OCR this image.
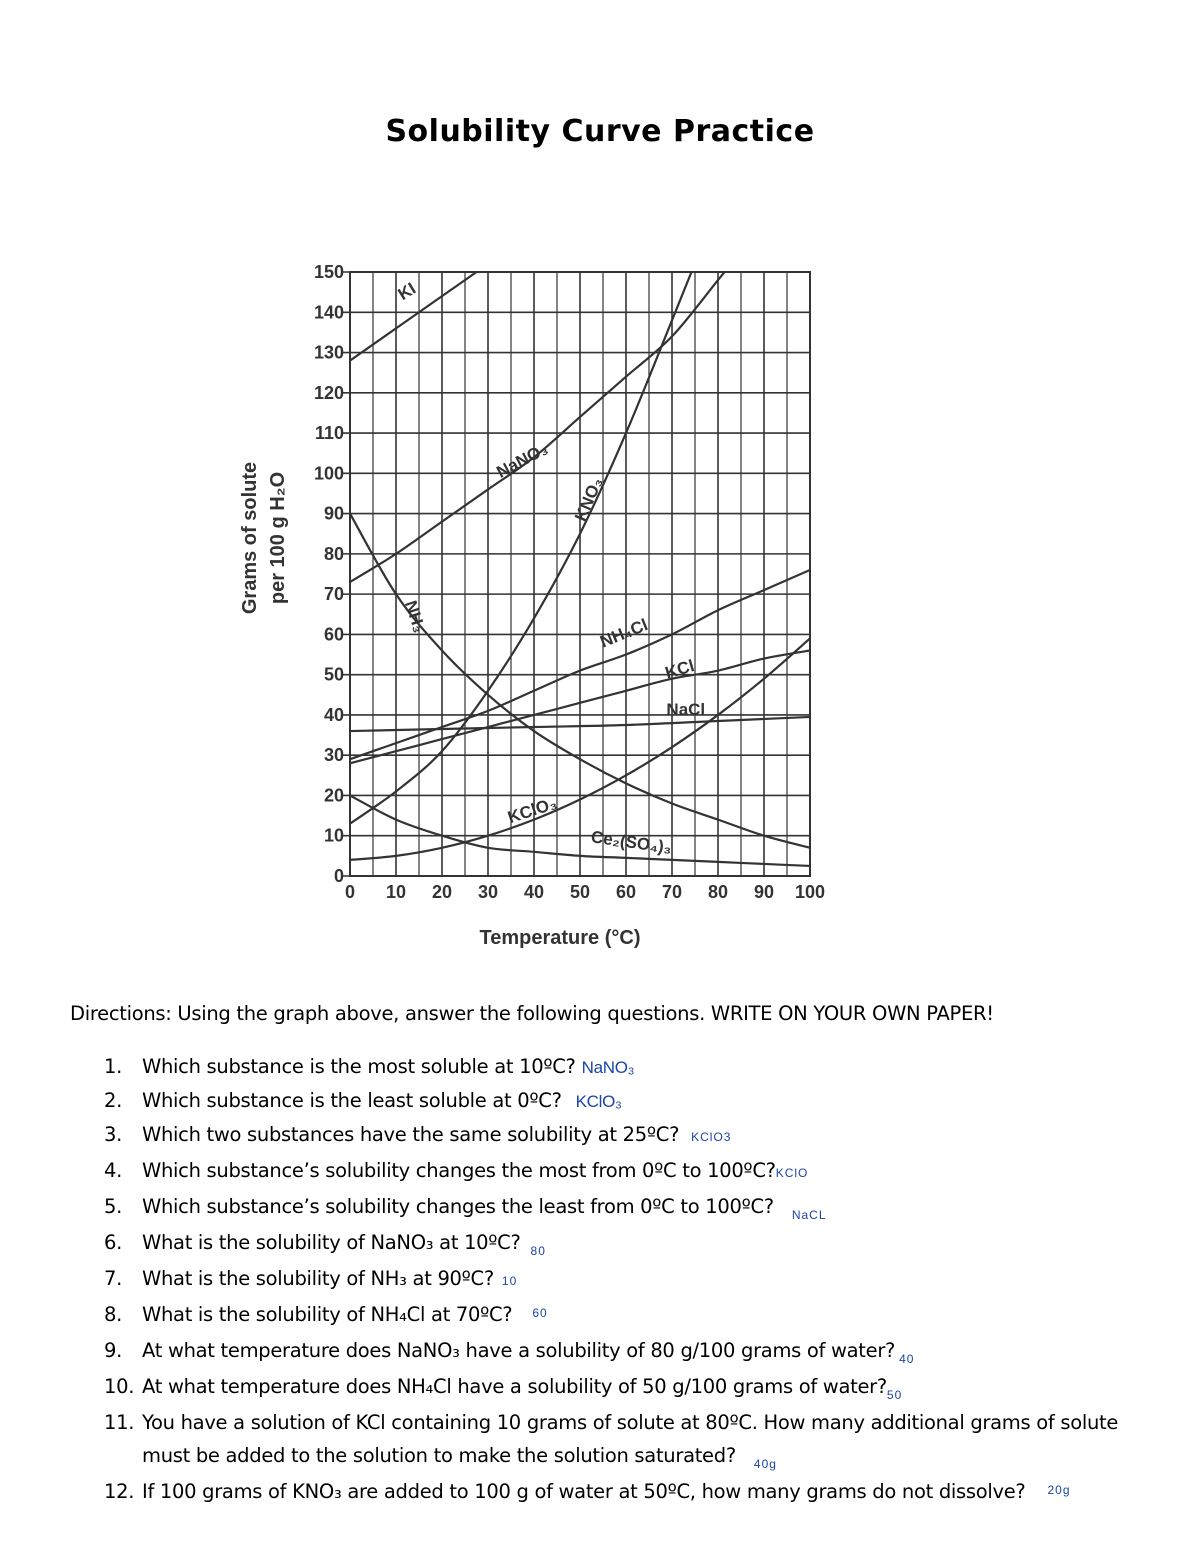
Solubility Curve Practice
0 10 20 30 40 50 60 70 80 90 100
0
10
20
30
40
50
60
70
80
90
100
110
120
130
140
150
KI
NaNO₃
KNO₃
NH₃	NH₄Cl
KCl
NaCl
KClO₃
Ce₂(SO₄)₃
Temperature (°C)
Grams of solute per 100 g H₂O
Directions: Using the graph above, answer the following questions. WRITE ON YOUR OWN PAPER!
1. Which substance is the most soluble at 10ºC? NaNO₃
2. Which substance is the least soluble at 0ºC? KClO₃
3. Which two substances have the same solubility at 25ºC? KClO3
4. Which substance’s solubility changes the most from 0ºC to 100ºC?KClO
5. Which substance’s solubility changes the least from 0ºC to 100ºC? $_{NaCL}$
6. What is the solubility of NaNO₃ at 10ºC? $_{80}$
7. What is the solubility of NH₃ at 90ºC? 10
8. What is the solubility of NH₄Cl at 70ºC? $^{60}$
9. At what temperature does NaNO₃ have a solubility of 80 g/100 grams of water? $_{40}$
10. At what temperature does NH₄Cl have a solubility of 50 g/100 grams of $water?_{50}$
11. You have a solution of KCl containing 10 grams of solute at 80ºC. How many additional grams of solute
must be added to the solution to make the solution saturated? $_{40g}$
12. If 100 grams of KNO₃ are added to 100 g of water at 50ºC, how many grams do not dissolve? $^{20g}$
